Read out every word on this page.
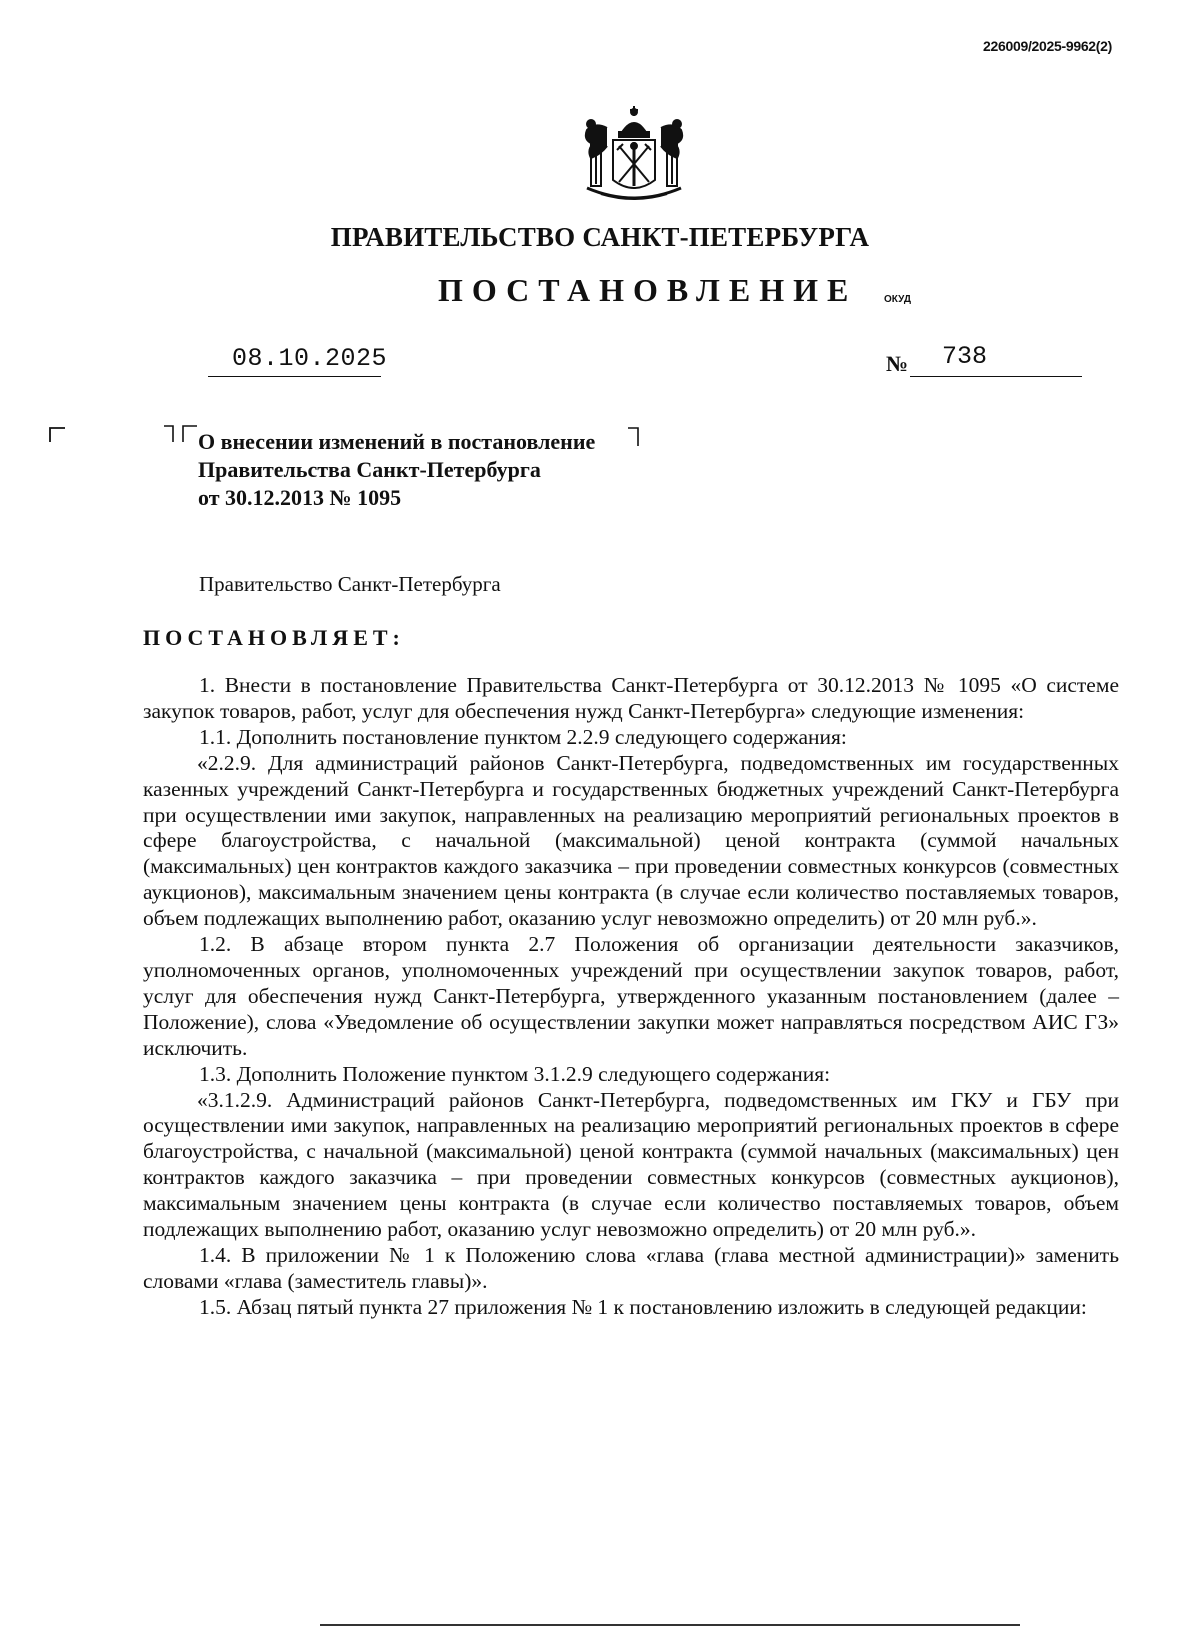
226009/2025-9962(2)
ПРАВИТЕЛЬСТВО САНКТ-ПЕТЕРБУРГА
ПОСТАНОВЛЕНИЕ	ОКУД
08.10.2025	№ 738
О внесении изменений в постановление
Правительства Санкт-Петербурга
от 30.12.2013 № 1095
Правительство Санкт-Петербурга
ПОСТАНОВЛЯЕТ:

1. Внести в постановление Правительства Санкт-Петербурга от 30.12.2013 № 1095 «О системе закупок товаров, работ, услуг для обеспечения нужд Санкт-Петербурга» следующие изменения:

1.1. Дополнить постановление пунктом 2.2.9 следующего содержания:

«2.2.9. Для администраций районов Санкт-Петербурга, подведомственных им государственных казенных учреждений Санкт-Петербурга и государственных бюджетных учреждений Санкт-Петербурга при осуществлении ими закупок, направленных на реализацию мероприятий региональных проектов в сфере благоустройства, с начальной (максимальной) ценой контракта (суммой начальных (максимальных) цен контрактов каждого заказчика – при проведении совместных конкурсов (совместных аукционов), максимальным значением цены контракта (в случае если количество поставляемых товаров, объем подлежащих выполнению работ, оказанию услуг невозможно определить) от 20 млн руб.».

1.2. В абзаце втором пункта 2.7 Положения об организации деятельности заказчиков, уполномоченных органов, уполномоченных учреждений при осуществлении закупок товаров, работ, услуг для обеспечения нужд Санкт-Петербурга, утвержденного указанным постановлением (далее – Положение), слова «Уведомление об осуществлении закупки может направляться посредством АИС ГЗ» исключить.

1.3. Дополнить Положение пунктом 3.1.2.9 следующего содержания:

«3.1.2.9. Администраций районов Санкт-Петербурга, подведомственных им ГКУ и ГБУ при осуществлении ими закупок, направленных на реализацию мероприятий региональных проектов в сфере благоустройства, с начальной (максимальной) ценой контракта (суммой начальных (максимальных) цен контрактов каждого заказчика – при проведении совместных конкурсов (совместных аукционов), максимальным значением цены контракта (в случае если количество поставляемых товаров, объем подлежащих выполнению работ, оказанию услуг невозможно определить) от 20 млн руб.».

1.4. В приложении № 1 к Положению слова «глава (глава местной администрации)» заменить словами «глава (заместитель главы)».

1.5. Абзац пятый пункта 27 приложения № 1 к постановлению изложить в следующей редакции:
